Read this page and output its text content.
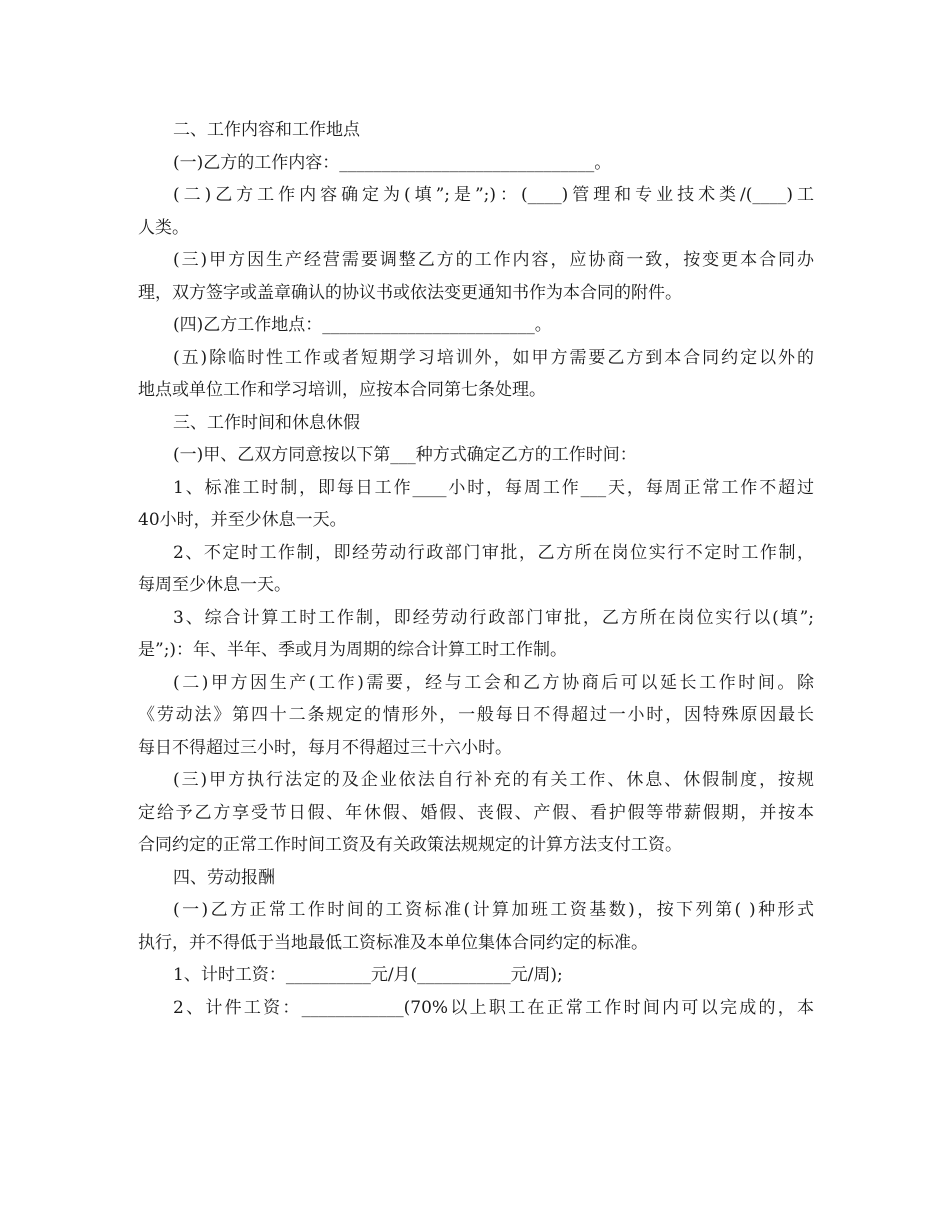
二、工作内容和工作地点
(一)乙方的工作内容：______________________________。
(二)乙方工作内容确定为(填”;是”;)：(____)管理和专业技术类/(____)工
人类。
(三)甲方因生产经营需要调整乙方的工作内容，应协商一致，按变更本合同办
理，双方签字或盖章确认的协议书或依法变更通知书作为本合同的附件。
(四)乙方工作地点：_________________________。
(五)除临时性工作或者短期学习培训外，如甲方需要乙方到本合同约定以外的
地点或单位工作和学习培训，应按本合同第七条处理。
三、工作时间和休息休假
(一)甲、乙双方同意按以下第___种方式确定乙方的工作时间：
1、标准工时制，即每日工作____小时，每周工作___天，每周正常工作不超过
40小时，并至少休息一天。
2、不定时工作制，即经劳动行政部门审批，乙方所在岗位实行不定时工作制，
每周至少休息一天。
3、综合计算工时工作制，即经劳动行政部门审批，乙方所在岗位实行以(填”;
是”;)：年、半年、季或月为周期的综合计算工时工作制。
(二)甲方因生产(工作)需要，经与工会和乙方协商后可以延长工作时间。除
《劳动法》第四十二条规定的情形外，一般每日不得超过一小时，因特殊原因最长
每日不得超过三小时，每月不得超过三十六小时。
(三)甲方执行法定的及企业依法自行补充的有关工作、休息、休假制度，按规
定给予乙方享受节日假、年休假、婚假、丧假、产假、看护假等带薪假期，并按本
合同约定的正常工作时间工资及有关政策法规规定的计算方法支付工资。
四、劳动报酬
(一)乙方正常工作时间的工资标准(计算加班工资基数)，按下列第( )种形式
执行，并不得低于当地最低工资标准及本单位集体合同约定的标准。
1、计时工资：__________元/月(___________元/周);
2、计件工资：____________(70%以上职工在正常工作时间内可以完成的，本
